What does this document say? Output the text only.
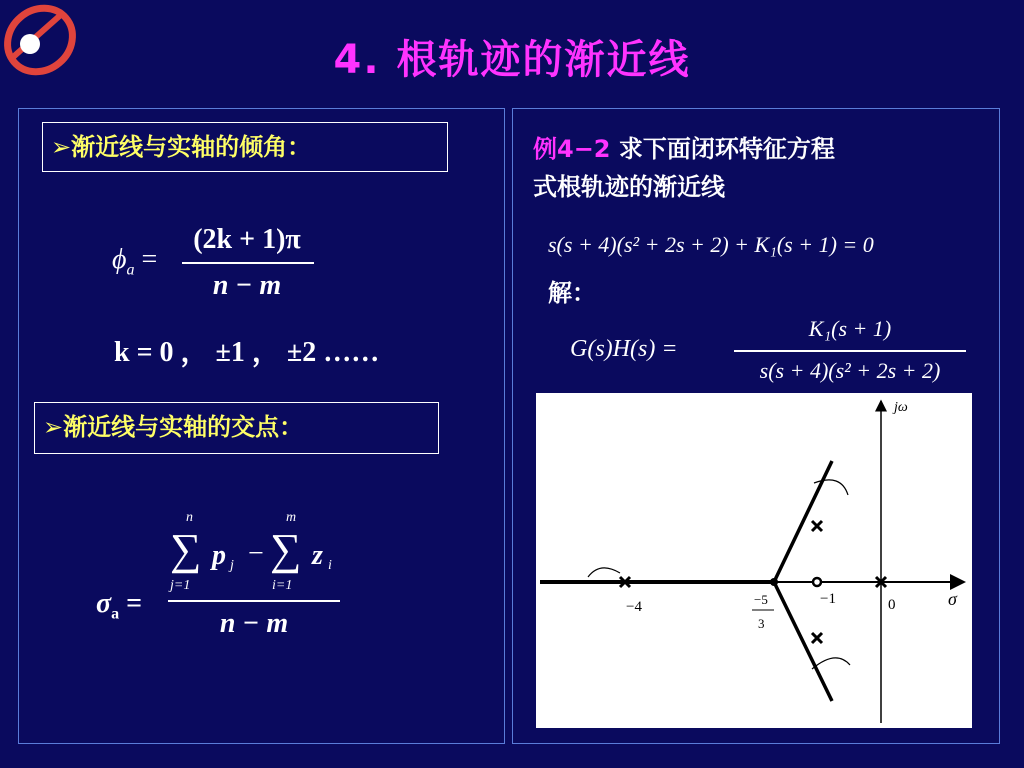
4. 根轨迹的渐近线
➢渐近线与实轴的倾角：
$\phi_a$ =
(2k + 1)π
n − m
k = 0 ， ±1 ， ±2 ……
➢渐近线与实轴的交点：
$\sigma_a$ =
n
∑
j=1
p j −
m
∑
i=1
z i
n − m
例4−2 求下面闭环特征方程
式根轨迹的渐近线
s(s + 4)(s² + 2s + 2) + K₁(s + 1) = 0
解：
G(s)H(s) =
K₁(s + 1)
s(s + 4)(s² + 2s + 2)
−4	−1	0
−5
3
σ
jω
